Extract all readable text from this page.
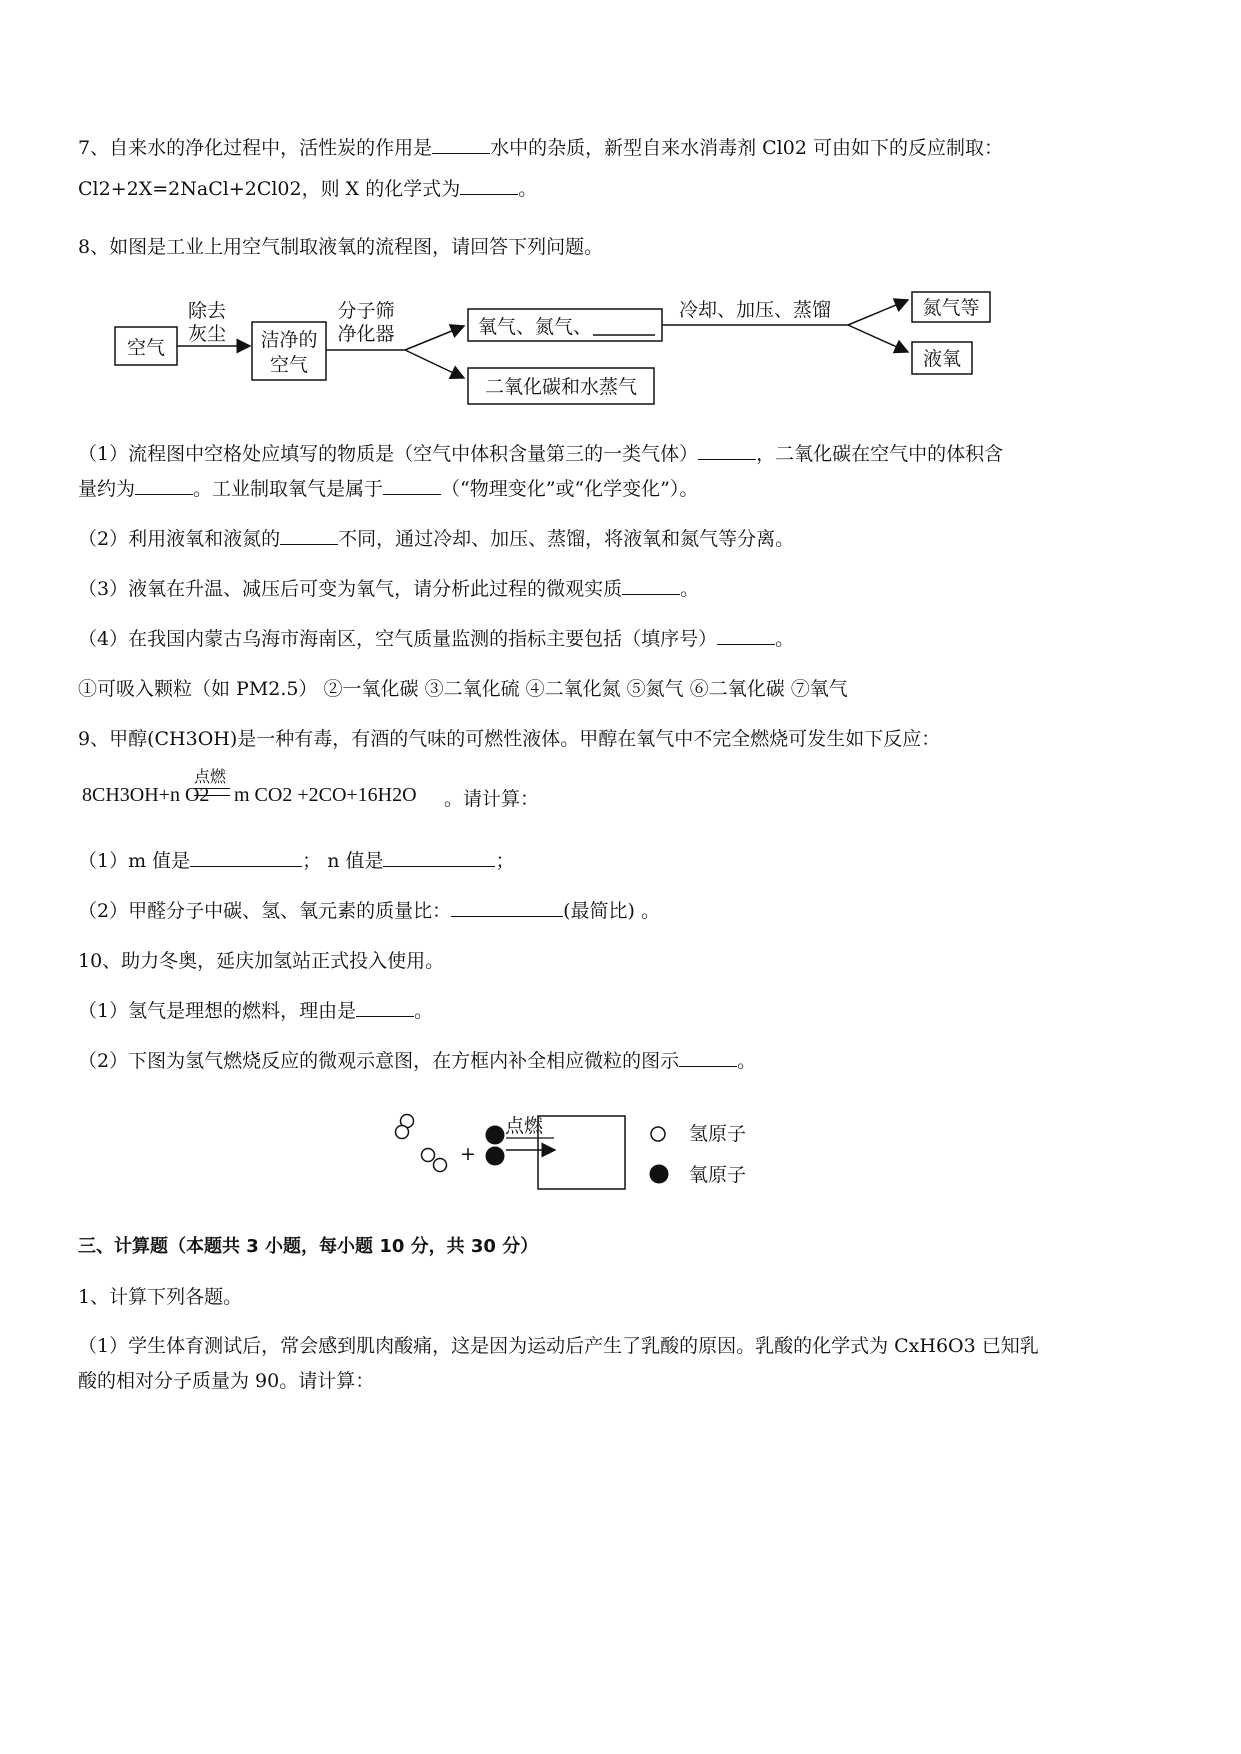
7、自来水的净化过程中，活性炭的作用是	水中的杂质，新型自来水消毒剂 Cl02 可由如下的反应制取：
Cl2+2X=2NaCl+2Cl02，则 X 的化学式为	。
8、如图是工业上用空气制取液氧的流程图，请回答下列问题。
空气
除去
灰尘 洁净的
空气
分子筛
净化器	氧气、氮气、
二氧化碳和水蒸气
冷却、加压、蒸馏	氮气等
液氧
（1）流程图中空格处应填写的物质是（空气中体积含量第三的一类气体）	，二氧化碳在空气中的体积含
量约为	。工业制取氧气是属于	（“物理变化”或“化学变化”）。
（2）利用液氧和液氮的	不同，通过冷却、加压、蒸馏，将液氧和氮气等分离。
（3）液氧在升温、减压后可变为氧气，请分析此过程的微观实质	。
（4）在我国内蒙古乌海市海南区，空气质量监测的指标主要包括（填序号）	。
①可吸入颗粒（如 PM2.5） ②一氧化碳 ③二氧化硫 ④二氧化氮 ⑤氮气 ⑥二氧化碳 ⑦氧气
9、甲醇(CH3OH)是一种有毒，有酒的气味的可燃性液体。甲醇在氧气中不完全燃烧可发生如下反应：
8CH3OH+n O2
点燃
m CO2 +2CO+16H2O 。请计算：
（1）m 值是	； n 值是	；
（2）甲醛分子中碳、氢、氧元素的质量比：	(最简比) 。
10、助力冬奥，延庆加氢站正式投入使用。
（1）氢气是理想的燃料，理由是	。
（2）下图为氢气燃烧反应的微观示意图，在方框内补全相应微粒的图示	。
+
点燃	氢原子
氧原子
三、计算题（本题共 3 小题，每小题 10 分，共 30 分）
1、计算下列各题。
（1）学生体育测试后，常会感到肌肉酸痛，这是因为运动后产生了乳酸的原因。乳酸的化学式为 CxH6O3 已知乳
酸的相对分子质量为 90。请计算：
